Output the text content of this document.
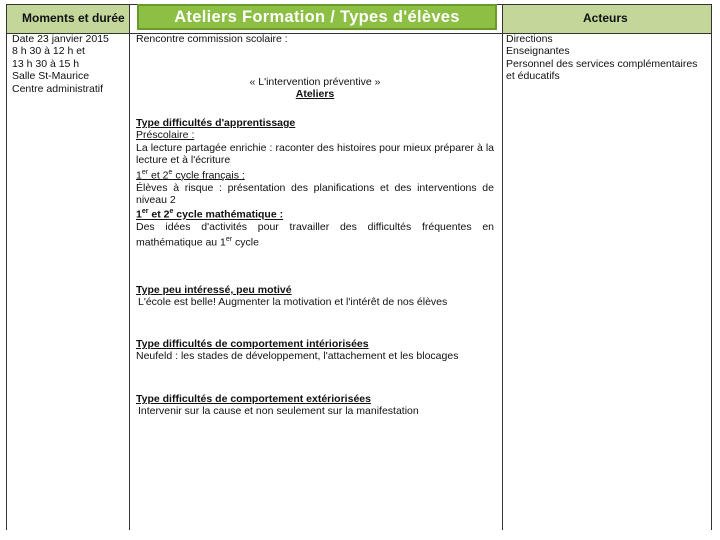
Moments et durée	Acteurs
Ateliers Formation / Types d'élèves
Date 23 janvier 2015
8 h 30 à 12 h et
13 h 30 à 15 h
Salle St-Maurice
Centre administratif
Directions
Enseignantes
Personnel des services complémentaires
et éducatifs
Rencontre commission scolaire :
« L'intervention préventive »
Ateliers
Type difficultés d'apprentissage
Préscolaire :
La lecture partagée enrichie : raconter des histoires pour mieux préparer à la lecture et à l'écriture
1er et 2e cycle français :
Élèves à risque : présentation des planifications et des interventions de niveau 2
1er et 2e cycle mathématique :
Des idées d'activités pour travailler des difficultés fréquentes en mathématique au 1er cycle
Type peu intéressé, peu motivé
L'école est belle! Augmenter la motivation et l'intérêt de nos élèves
Type difficultés de comportement intériorisées
Neufeld : les stades de développement, l'attachement et les blocages
Type difficultés de comportement extériorisées
Intervenir sur la cause et non seulement sur la manifestation
